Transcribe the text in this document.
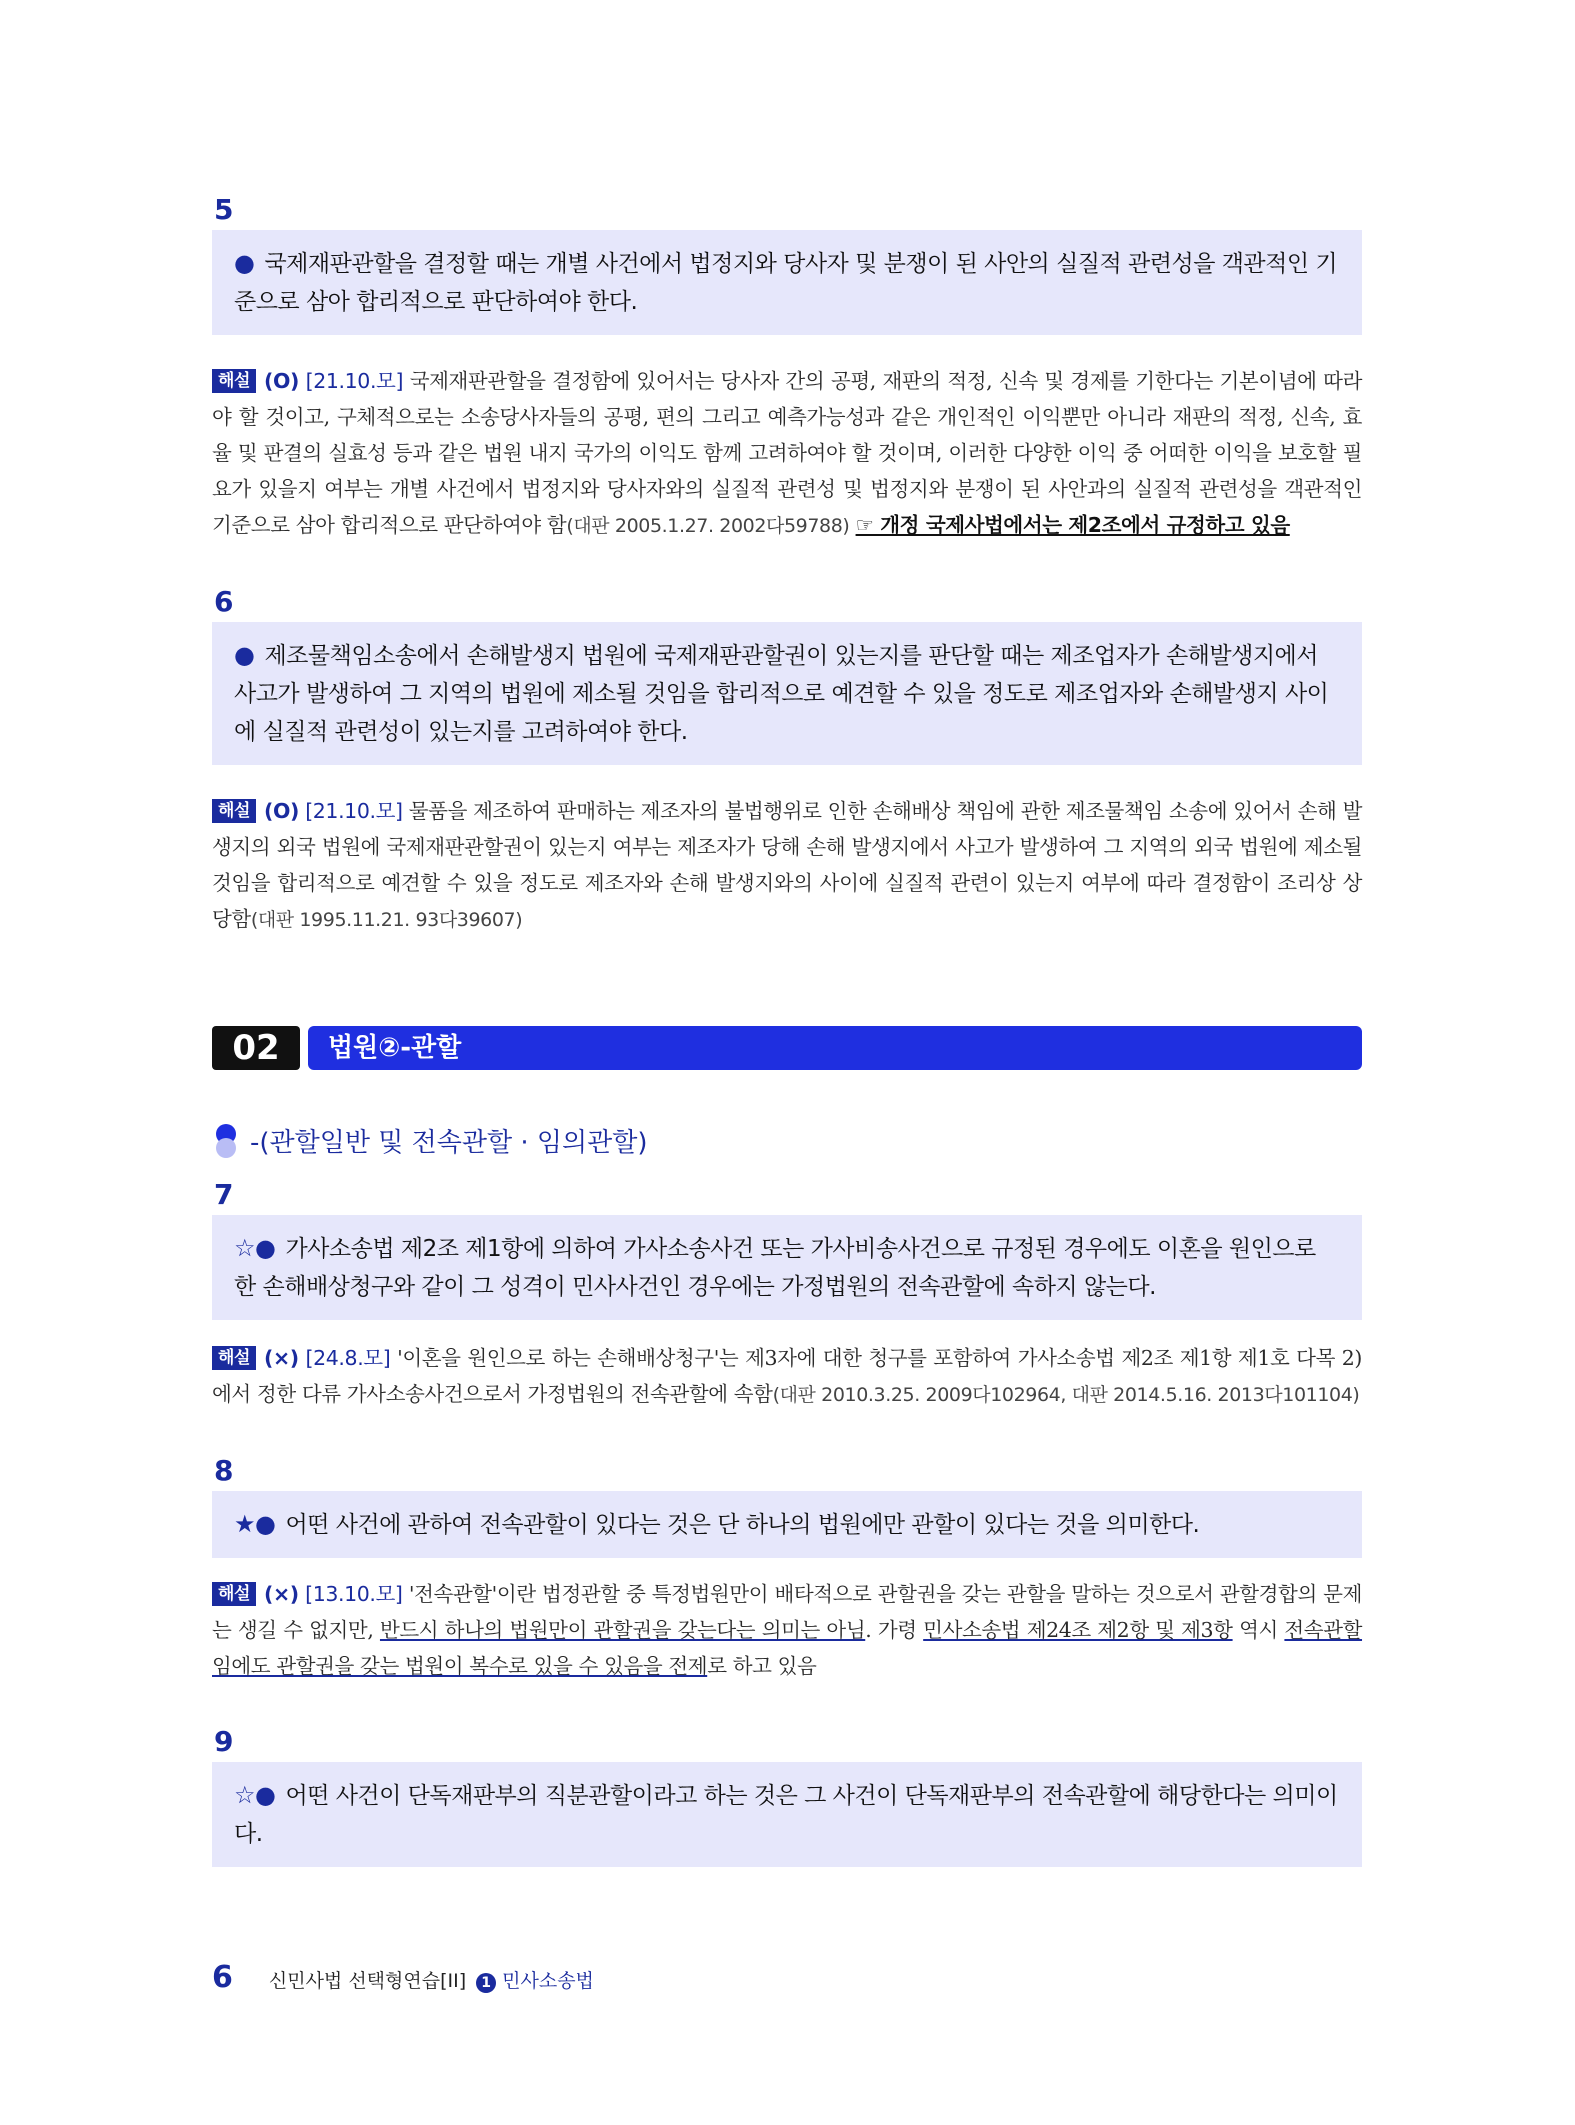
5
● 국제재판관할을 결정할 때는 개별 사건에서 법정지와 당사자 및 분쟁이 된 사안의 실질적 관련성을 객관적인 기준으로 삼아 합리적으로 판단하여야 한다.
해설 (O) [21.10.모] 국제재판관할을 결정함에 있어서는 당사자 간의 공평, 재판의 적정, 신속 및 경제를 기한다는 기본이념에 따라야 할 것이고, 구체적으로는 소송당사자들의 공평, 편의 그리고 예측가능성과 같은 개인적인 이익뿐만 아니라 재판의 적정, 신속, 효율 및 판결의 실효성 등과 같은 법원 내지 국가의 이익도 함께 고려하여야 할 것이며, 이러한 다양한 이익 중 어떠한 이익을 보호할 필요가 있을지 여부는 개별 사건에서 법정지와 당사자와의 실질적 관련성 및 법정지와 분쟁이 된 사안과의 실질적 관련성을 객관적인 기준으로 삼아 합리적으로 판단하여야 함(대판 2005.1.27. 2002다59788) ☞ 개정 국제사법에서는 제2조에서 규정하고 있음
6
● 제조물책임소송에서 손해발생지 법원에 국제재판관할권이 있는지를 판단할 때는 제조업자가 손해발생지에서 사고가 발생하여 그 지역의 법원에 제소될 것임을 합리적으로 예견할 수 있을 정도로 제조업자와 손해발생지 사이에 실질적 관련성이 있는지를 고려하여야 한다.
해설 (O) [21.10.모] 물품을 제조하여 판매하는 제조자의 불법행위로 인한 손해배상 책임에 관한 제조물책임 소송에 있어서 손해 발생지의 외국 법원에 국제재판관할권이 있는지 여부는 제조자가 당해 손해 발생지에서 사고가 발생하여 그 지역의 외국 법원에 제소될 것임을 합리적으로 예견할 수 있을 정도로 제조자와 손해 발생지와의 사이에 실질적 관련이 있는지 여부에 따라 결정함이 조리상 상당함(대판 1995.11.21. 93다39607)
02	법원②-관할
-(관할일반 및 전속관할 · 임의관할)
7
☆● 가사소송법 제2조 제1항에 의하여 가사소송사건 또는 가사비송사건으로 규정된 경우에도 이혼을 원인으로 한 손해배상청구와 같이 그 성격이 민사사건인 경우에는 가정법원의 전속관할에 속하지 않는다.
해설 (×) [24.8.모] '이혼을 원인으로 하는 손해배상청구'는 제3자에 대한 청구를 포함하여 가사소송법 제2조 제1항 제1호 다목 2)에서 정한 다류 가사소송사건으로서 가정법원의 전속관할에 속함(대판 2010.3.25. 2009다102964, 대판 2014.5.16. 2013다101104)
8
★● 어떤 사건에 관하여 전속관할이 있다는 것은 단 하나의 법원에만 관할이 있다는 것을 의미한다.
해설 (×) [13.10.모] '전속관할'이란 법정관할 중 특정법원만이 배타적으로 관할권을 갖는 관할을 말하는 것으로서 관할경합의 문제는 생길 수 없지만, 반드시 하나의 법원만이 관할권을 갖는다는 의미는 아님. 가령 민사소송법 제24조 제2항 및 제3항 역시 전속관할임에도 관할권을 갖는 법원이 복수로 있을 수 있음을 전제로 하고 있음
9
☆● 어떤 사건이 단독재판부의 직분관할이라고 하는 것은 그 사건이 단독재판부의 전속관할에 해당한다는 의미이다.
6 신민사법 선택형연습[II]	1 민사소송법
